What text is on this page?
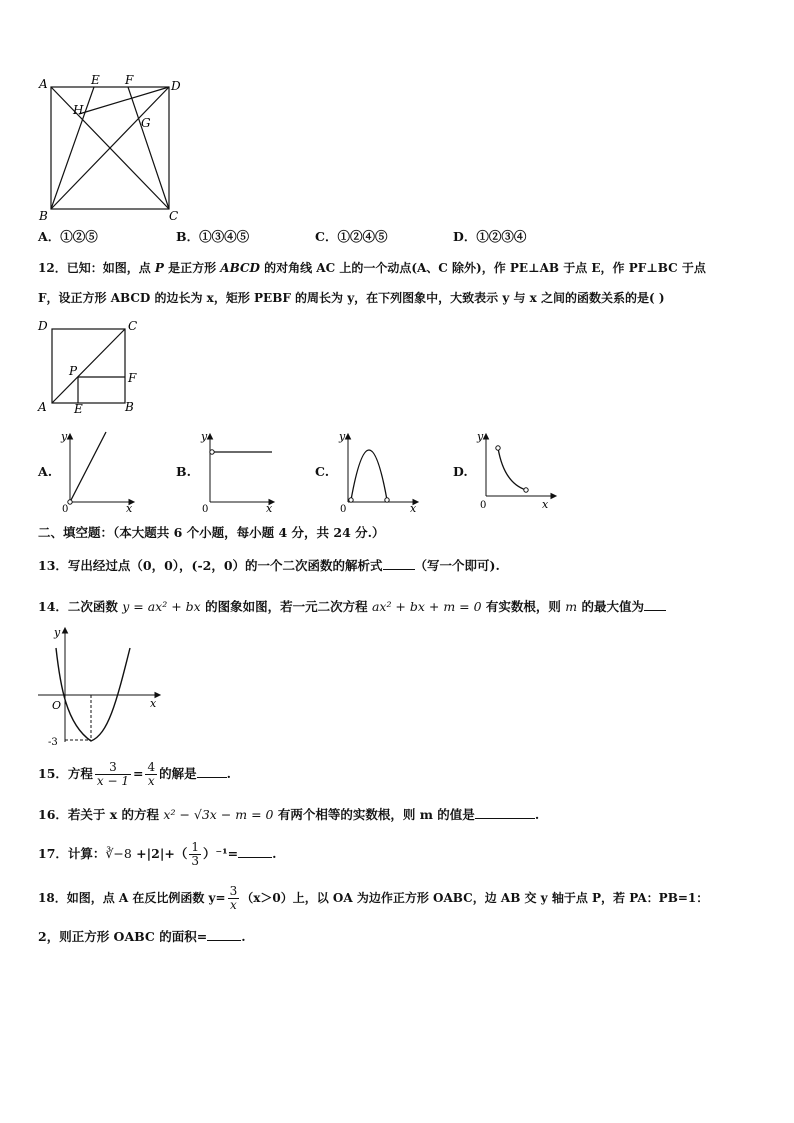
A	E F	D
H
G
B	C
A．①②⑤	B．①③④⑤	C．①②④⑤	D．①②③④
12．已知：如图，点 P 是正方形 ABCD 的对角线 AC 上的一个动点(A、C 除外)，作 PE⊥AB 于点 E，作 PF⊥BC 于点
F，设正方形 ABCD 的边长为 x，矩形 PEBF 的周长为 y，在下列图象中，大致表示 y 与 x 之间的函数关系的是( )
D	C
P	F
A E	B
A.
y
x
0
B.
y
x
0
C.
y
x
0
D.
y
x
0
二、填空题：（本大题共 6 个小题，每小题 4 分，共 24 分.）
13．写出经过点（0，0），(-2，0）的一个二次函数的解析式	（写一个即可).
14．二次函数 y = ax² + bx 的图象如图，若一元二次方程 ax² + bx + m = 0 有实数根，则 m 的最大值为
y
x
O
-3
15．方程 $\frac{3}{x - 1} = \frac{4}{x}$ 的解是 .
16．若关于 x 的方程 x² − √3x − m = 0 有两个相等的实数根，则 m 的值是	.
17．计算：∛−8 $+|2|+( \frac{1}{3} )^{-1}=$	.
18．如图，点 A 在反比例函数 $y= \frac{3}{x} (x>0)$上，以 OA 为边作正方形 OABC，边 AB 交 y 轴于点 P，若 PA：PB=1：
2，则正方形 OABC 的面积=	.
